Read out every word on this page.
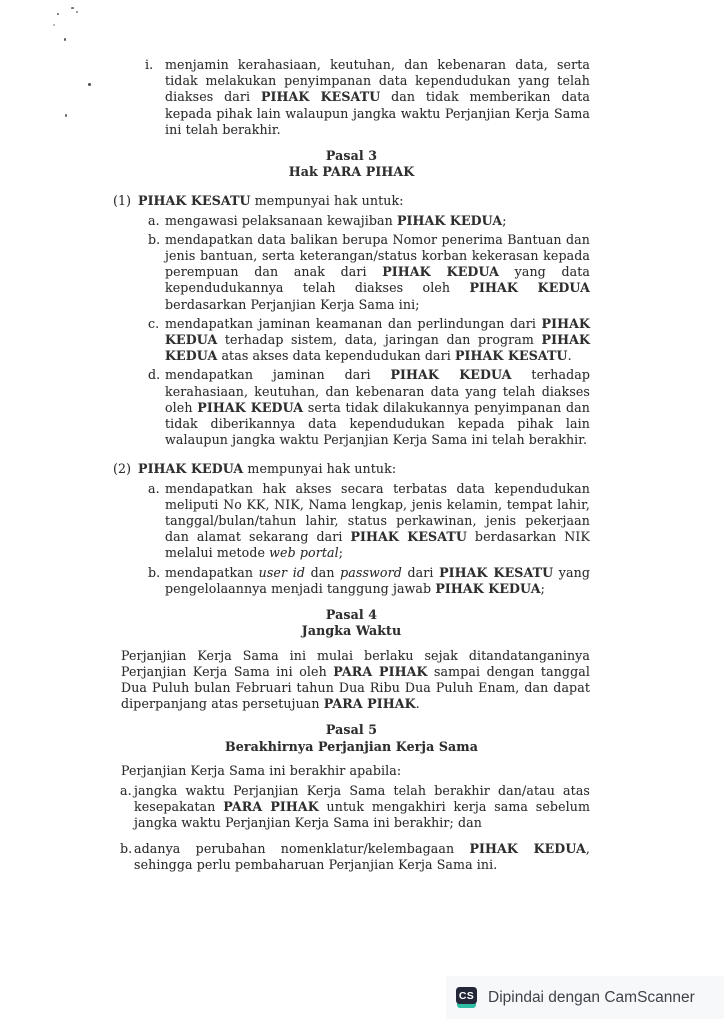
i. menjamin kerahasiaan, keutuhan, dan kebenaran data, serta tidak melakukan penyimpanan data kependudukan yang telah diakses dari PIHAK KESATU dan tidak memberikan data kepada pihak lain walaupun jangka waktu Perjanjian Kerja Sama ini telah berakhir.
Pasal 3
Hak PARA PIHAK
(1) PIHAK KESATU mempunyai hak untuk:
a. mengawasi pelaksanaan kewajiban PIHAK KEDUA;
b. mendapatkan data balikan berupa Nomor penerima Bantuan dan jenis bantuan, serta keterangan/status korban kekerasan kepada perempuan dan anak dari PIHAK KEDUA yang data kependudukannya telah diakses oleh PIHAK KEDUA berdasarkan Perjanjian Kerja Sama ini;
c. mendapatkan jaminan keamanan dan perlindungan dari PIHAK KEDUA terhadap sistem, data, jaringan dan program PIHAK KEDUA atas akses data kependudukan dari PIHAK KESATU.
d. mendapatkan jaminan dari PIHAK KEDUA terhadap kerahasiaan, keutuhan, dan kebenaran data yang telah diakses oleh PIHAK KEDUA serta tidak dilakukannya penyimpanan dan tidak diberikannya data kependudukan kepada pihak lain walaupun jangka waktu Perjanjian Kerja Sama ini telah berakhir.
(2) PIHAK KEDUA mempunyai hak untuk:
a. mendapatkan hak akses secara terbatas data kependudukan meliputi No KK, NIK, Nama lengkap, jenis kelamin, tempat lahir, tanggal/bulan/tahun lahir, status perkawinan, jenis pekerjaan dan alamat sekarang dari PIHAK KESATU berdasarkan NIK melalui metode web portal;
b. mendapatkan user id dan password dari PIHAK KESATU yang pengelolaannya menjadi tanggung jawab PIHAK KEDUA;
Pasal 4
Jangka Waktu
Perjanjian Kerja Sama ini mulai berlaku sejak ditandatanganinya Perjanjian Kerja Sama ini oleh PARA PIHAK sampai dengan tanggal Dua Puluh bulan Februari tahun Dua Ribu Dua Puluh Enam, dan dapat diperpanjang atas persetujuan PARA PIHAK.
Pasal 5
Berakhirnya Perjanjian Kerja Sama
Perjanjian Kerja Sama ini berakhir apabila:
a. jangka waktu Perjanjian Kerja Sama telah berakhir dan/atau atas kesepakatan PARA PIHAK untuk mengakhiri kerja sama sebelum jangka waktu Perjanjian Kerja Sama ini berakhir; dan
b. adanya perubahan nomenklatur/kelembagaan PIHAK KEDUA, sehingga perlu pembaharuan Perjanjian Kerja Sama ini.
CS Dipindai dengan CamScanner
